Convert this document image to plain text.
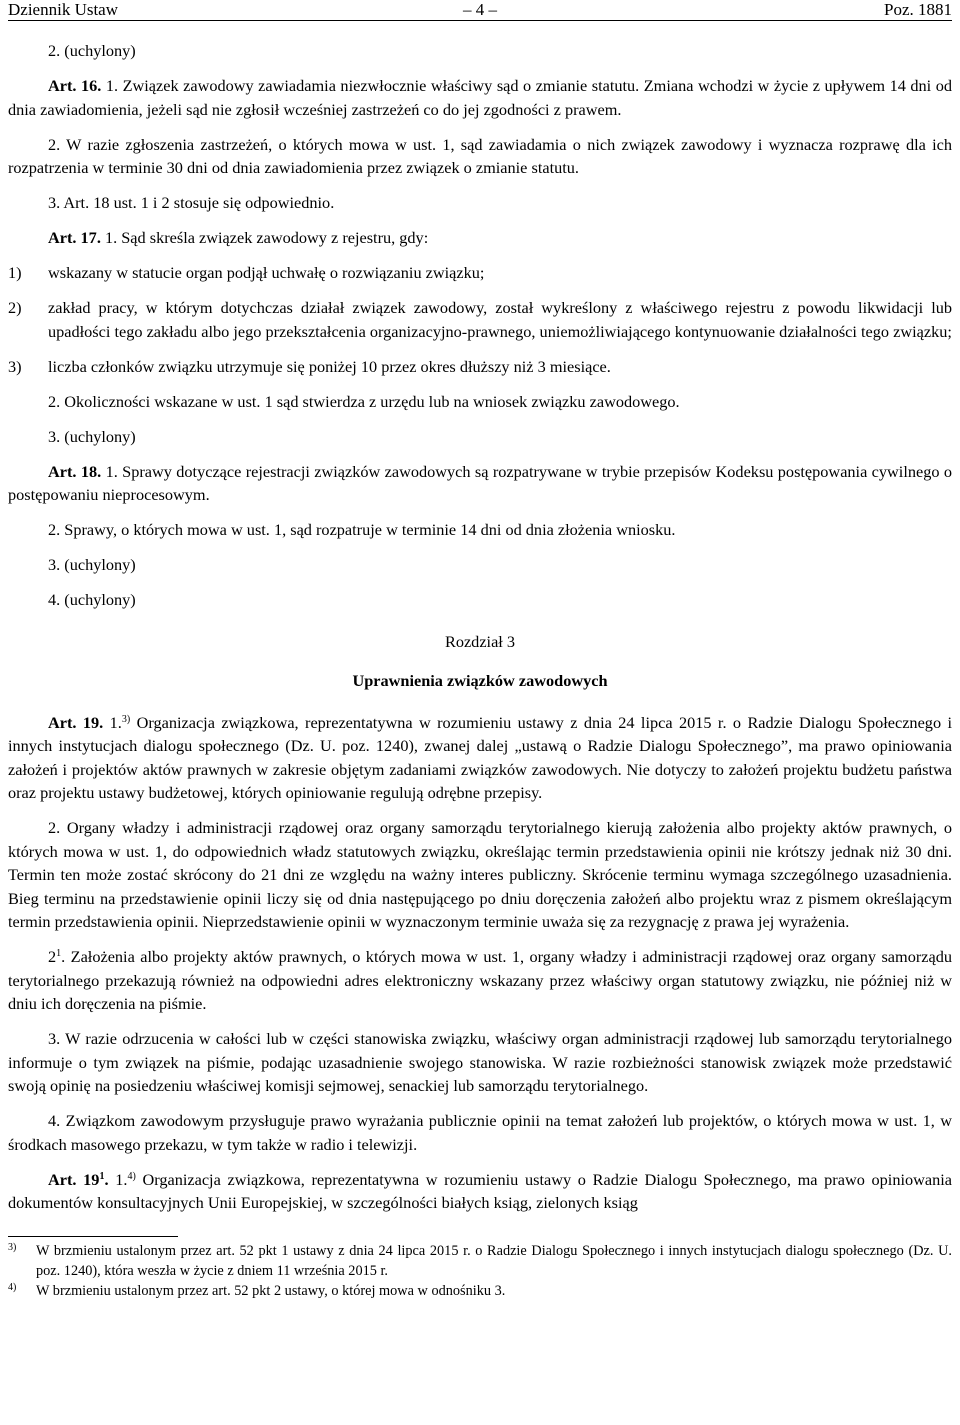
Dziennik Ustaw	– 4 –	Poz. 1881

2. (uchylony)

Art. 16. 1. Związek zawodowy zawiadamia niezwłocznie właściwy sąd o zmianie statutu. Zmiana wchodzi w życie z upływem 14 dni od dnia zawiadomienia, jeżeli sąd nie zgłosił wcześniej zastrzeżeń co do jej zgodności z prawem.

2. W razie zgłoszenia zastrzeżeń, o których mowa w ust. 1, sąd zawiadamia o nich związek zawodowy i wyznacza rozprawę dla ich rozpatrzenia w terminie 30 dni od dnia zawiadomienia przez związek o zmianie statutu.

3. Art. 18 ust. 1 i 2 stosuje się odpowiednio.

Art. 17. 1. Sąd skreśla związek zawodowy z rejestru, gdy:

1)	wskazany w statucie organ podjął uchwałę o rozwiązaniu związku;
2)	zakład pracy, w którym dotychczas działał związek zawodowy, został wykreślony z właściwego rejestru z powodu likwidacji lub upadłości tego zakładu albo jego przekształcenia organizacyjno-prawnego, uniemożliwiającego kontynuowanie działalności tego związku;
3)	liczba członków związku utrzymuje się poniżej 10 przez okres dłuższy niż 3 miesiące.

2. Okoliczności wskazane w ust. 1 sąd stwierdza z urzędu lub na wniosek związku zawodowego.

3. (uchylony)

Art. 18. 1. Sprawy dotyczące rejestracji związków zawodowych są rozpatrywane w trybie przepisów Kodeksu postępowania cywilnego o postępowaniu nieprocesowym.

2. Sprawy, o których mowa w ust. 1, sąd rozpatruje w terminie 14 dni od dnia złożenia wniosku.

3. (uchylony)

4. (uchylony)

Rozdział 3
Uprawnienia związków zawodowych

Art. 19. 1.$^{3)}$ Organizacja związkowa, reprezentatywna w rozumieniu ustawy z dnia 24 lipca 2015 r. o Radzie Dialogu Społecznego i innych instytucjach dialogu społecznego (Dz. U. poz. 1240), zwanej dalej „ustawą o Radzie Dialogu Społecznego”, ma prawo opiniowania założeń i projektów aktów prawnych w zakresie objętym zadaniami związków zawodowych. Nie dotyczy to założeń projektu budżetu państwa oraz projektu ustawy budżetowej, których opiniowanie regulują odrębne przepisy.

2. Organy władzy i administracji rządowej oraz organy samorządu terytorialnego kierują założenia albo projekty aktów prawnych, o których mowa w ust. 1, do odpowiednich władz statutowych związku, określając termin przedstawienia opinii nie krótszy jednak niż 30 dni. Termin ten może zostać skrócony do 21 dni ze względu na ważny interes publiczny. Skrócenie terminu wymaga szczególnego uzasadnienia. Bieg terminu na przedstawienie opinii liczy się od dnia następującego po dniu doręczenia założeń albo projektu wraz z pismem określającym termin przedstawienia opinii. Nieprzedstawienie opinii w wyznaczonym terminie uważa się za rezygnację z prawa jej wyrażenia.

$2^1$. Założenia albo projekty aktów prawnych, o których mowa w ust. 1, organy władzy i administracji rządowej oraz organy samorządu terytorialnego przekazują również na odpowiedni adres elektroniczny wskazany przez właściwy organ statutowy związku, nie później niż w dniu ich doręczenia na piśmie.

3. W razie odrzucenia w całości lub w części stanowiska związku, właściwy organ administracji rządowej lub samorządu terytorialnego informuje o tym związek na piśmie, podając uzasadnienie swojego stanowiska. W razie rozbieżności stanowisk związek może przedstawić swoją opinię na posiedzeniu właściwej komisji sejmowej, senackiej lub samorządu terytorialnego.

4. Związkom zawodowym przysługuje prawo wyrażania publicznie opinii na temat założeń lub projektów, o których mowa w ust. 1, w środkach masowego przekazu, w tym także w radio i telewizji.

Art. $19^1$. 1.$^{4)}$ Organizacja związkowa, reprezentatywna w rozumieniu ustawy o Radzie Dialogu Społecznego, ma prawo opiniowania dokumentów konsultacyjnych Unii Europejskiej, w szczególności białych ksiąg, zielonych ksiąg

3)	W brzmieniu ustalonym przez art. 52 pkt 1 ustawy z dnia 24 lipca 2015 r. o Radzie Dialogu Społecznego i innych instytucjach dialogu społecznego (Dz. U. poz. 1240), która weszła w życie z dniem 11 września 2015 r.
4)	W brzmieniu ustalonym przez art. 52 pkt 2 ustawy, o której mowa w odnośniku 3.
